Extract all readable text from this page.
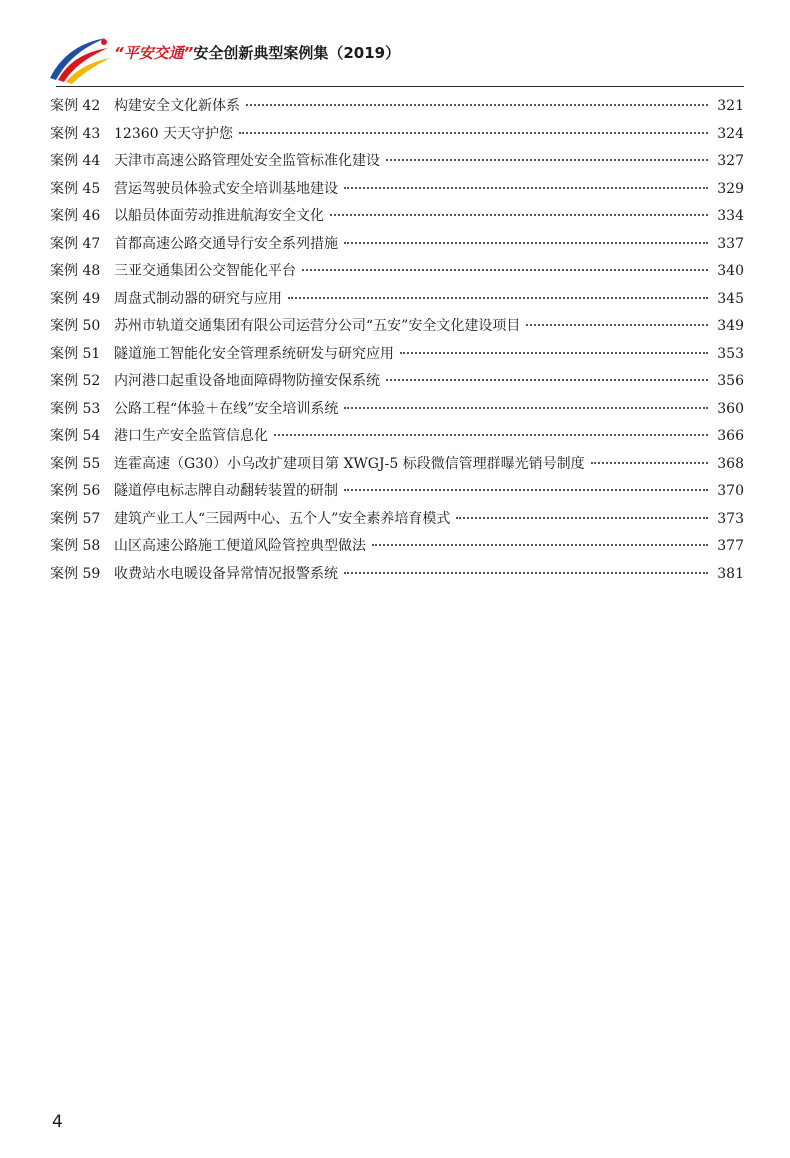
“平安交通”安全创新典型案例集（2019）
案例 42 构建安全文化新体系	321
案例 43 12360 天天守护您	324
案例 44 天津市高速公路管理处安全监管标准化建设	327
案例 45 营运驾驶员体验式安全培训基地建设	329
案例 46 以船员体面劳动推进航海安全文化	334
案例 47 首都高速公路交通导行安全系列措施	337
案例 48 三亚交通集团公交智能化平台	340
案例 49 周盘式制动器的研究与应用	345
案例 50 苏州市轨道交通集团有限公司运营分公司“五安”安全文化建设项目	349
案例 51 隧道施工智能化安全管理系统研发与研究应用	353
案例 52 内河港口起重设备地面障碍物防撞安保系统	356
案例 53 公路工程“体验＋在线”安全培训系统	360
案例 54 港口生产安全监管信息化	366
案例 55 连霍高速（G30）小乌改扩建项目第 XWGJ-5 标段微信管理群曝光销号制度	368
案例 56 隧道停电标志牌自动翻转装置的研制	370
案例 57 建筑产业工人“三园两中心、五个人”安全素养培育模式	373
案例 58 山区高速公路施工便道风险管控典型做法	377
案例 59 收费站水电暖设备异常情况报警系统	381
4
